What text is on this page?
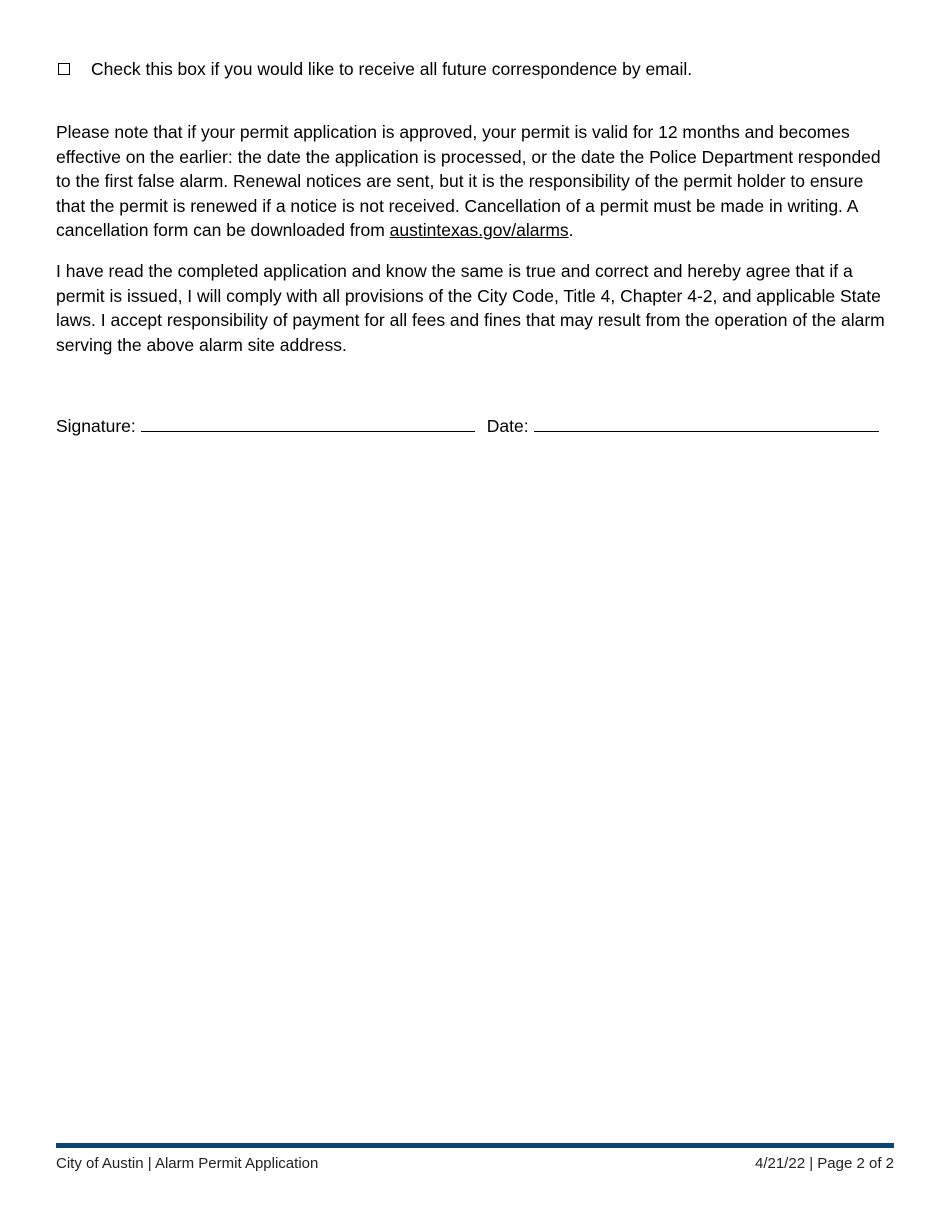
Check this box if you would like to receive all future correspondence by email.

Please note that if your permit application is approved, your permit is valid for 12 months and becomes effective on the earlier: the date the application is processed, or the date the Police Department responded to the first false alarm. Renewal notices are sent, but it is the responsibility of the permit holder to ensure that the permit is renewed if a notice is not received. Cancellation of a permit must be made in writing. A cancellation form can be downloaded from austintexas.gov/alarms.

I have read the completed application and know the same is true and correct and hereby agree that if a permit is issued, I will comply with all provisions of the City Code, Title 4, Chapter 4-2, and applicable State laws. I accept responsibility of payment for all fees and fines that may result from the operation of the alarm serving the above alarm site address.

Signature:	Date:
City of Austin | Alarm Permit Application	4/21/22 | Page 2 of 2
